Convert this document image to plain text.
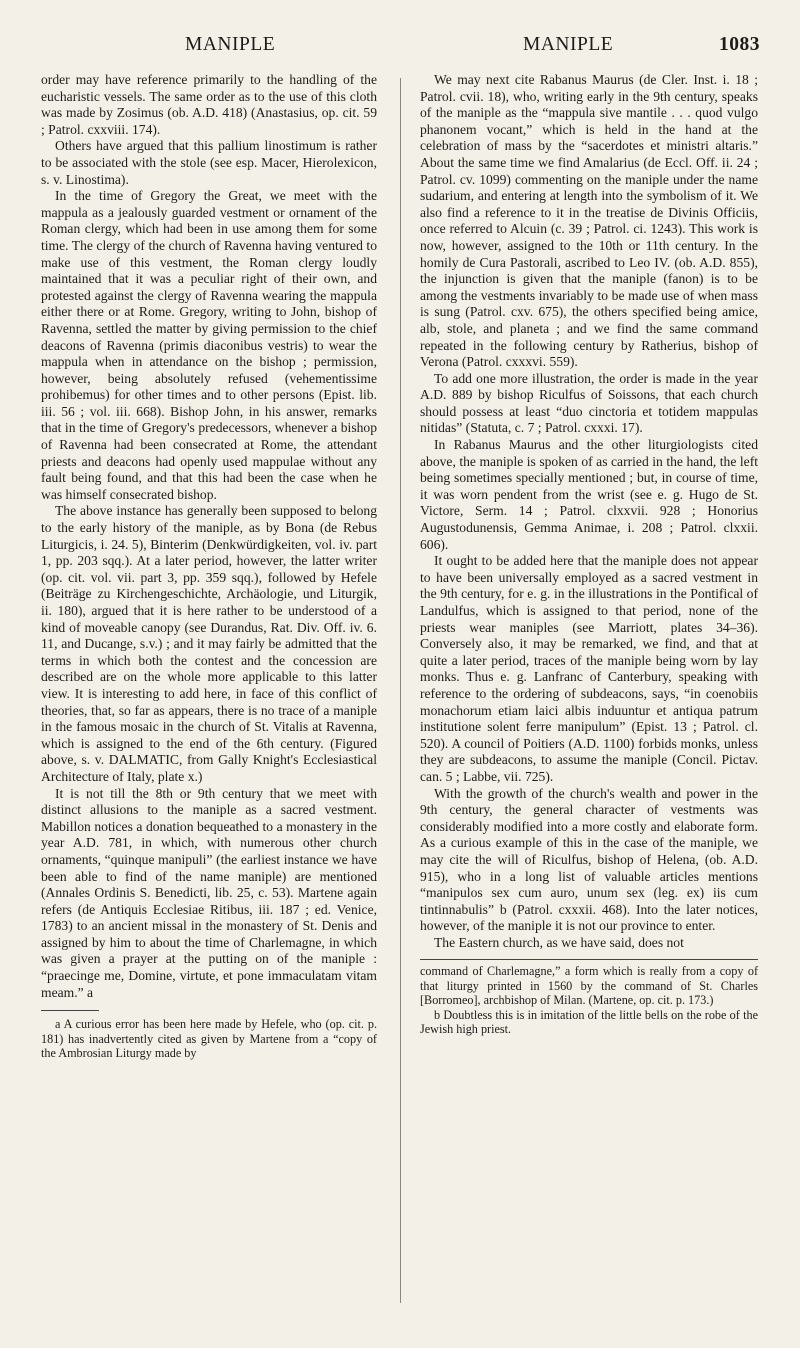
MANIPLE	MANIPLE	1083

order may have reference primarily to the handling of the eucharistic vessels. The same order as to the use of this cloth was made by Zosimus (ob. A.D. 418) (Anastasius, op. cit. 59 ; Patrol. cxxviii. 174).

Others have argued that this pallium linostimum is rather to be associated with the stole (see esp. Macer, Hierolexicon, s. v. Linostima).

In the time of Gregory the Great, we meet with the mappula as a jealously guarded vestment or ornament of the Roman clergy, which had been in use among them for some time. The clergy of the church of Ravenna having ventured to make use of this vestment, the Roman clergy loudly maintained that it was a peculiar right of their own, and protested against the clergy of Ravenna wearing the mappula either there or at Rome. Gregory, writing to John, bishop of Ravenna, settled the matter by giving permission to the chief deacons of Ravenna (primis diaconibus vestris) to wear the mappula when in attendance on the bishop ; permission, however, being absolutely refused (vehementissime prohibemus) for other times and to other persons (Epist. lib. iii. 56 ; vol. iii. 668). Bishop John, in his answer, remarks that in the time of Gregory's predecessors, whenever a bishop of Ravenna had been consecrated at Rome, the attendant priests and deacons had openly used mappulae without any fault being found, and that this had been the case when he was himself consecrated bishop.

The above instance has generally been supposed to belong to the early history of the maniple, as by Bona (de Rebus Liturgicis, i. 24. 5), Binterim (Denkwürdigkeiten, vol. iv. part 1, pp. 203 sqq.). At a later period, however, the latter writer (op. cit. vol. vii. part 3, pp. 359 sqq.), followed by Hefele (Beiträge zu Kirchengeschichte, Archäologie, und Liturgik, ii. 180), argued that it is here rather to be understood of a kind of moveable canopy (see Durandus, Rat. Div. Off. iv. 6. 11, and Ducange, s.v.) ; and it may fairly be admitted that the terms in which both the contest and the concession are described are on the whole more applicable to this latter view. It is interesting to add here, in face of this conflict of theories, that, so far as appears, there is no trace of a maniple in the famous mosaic in the church of St. Vitalis at Ravenna, which is assigned to the end of the 6th century. (Figured above, s. v. DALMATIC, from Gally Knight's Ecclesiastical Architecture of Italy, plate x.)

It is not till the 8th or 9th century that we meet with distinct allusions to the maniple as a sacred vestment. Mabillon notices a donation bequeathed to a monastery in the year A.D. 781, in which, with numerous other church ornaments, “quinque manipuli” (the earliest instance we have been able to find of the name maniple) are mentioned (Annales Ordinis S. Benedicti, lib. 25, c. 53). Martene again refers (de Antiquis Ecclesiae Ritibus, iii. 187 ; ed. Venice, 1783) to an ancient missal in the monastery of St. Denis and assigned by him to about the time of Charlemagne, in which was given a prayer at the putting on of the maniple : “praecinge me, Domine, virtute, et pone immaculatam vitam meam.” a

a A curious error has been here made by Hefele, who (op. cit. p. 181) has inadvertently cited as given by Martene from a “copy of the Ambrosian Liturgy made by

We may next cite Rabanus Maurus (de Cler. Inst. i. 18 ; Patrol. cvii. 18), who, writing early in the 9th century, speaks of the maniple as the “mappula sive mantile . . . quod vulgo phanonem vocant,” which is held in the hand at the celebration of mass by the “sacerdotes et ministri altaris.” About the same time we find Amalarius (de Eccl. Off. ii. 24 ; Patrol. cv. 1099) commenting on the maniple under the name sudarium, and entering at length into the symbolism of it. We also find a reference to it in the treatise de Divinis Officiis, once referred to Alcuin (c. 39 ; Patrol. ci. 1243). This work is now, however, assigned to the 10th or 11th century. In the homily de Cura Pastorali, ascribed to Leo IV. (ob. A.D. 855), the injunction is given that the maniple (fanon) is to be among the vestments invariably to be made use of when mass is sung (Patrol. cxv. 675), the others specified being amice, alb, stole, and planeta ; and we find the same command repeated in the following century by Ratherius, bishop of Verona (Patrol. cxxxvi. 559).

To add one more illustration, the order is made in the year A.D. 889 by bishop Riculfus of Soissons, that each church should possess at least “duo cinctoria et totidem mappulas nitidas” (Statuta, c. 7 ; Patrol. cxxxi. 17).

In Rabanus Maurus and the other liturgiologists cited above, the maniple is spoken of as carried in the hand, the left being sometimes specially mentioned ; but, in course of time, it was worn pendent from the wrist (see e. g. Hugo de St. Victore, Serm. 14 ; Patrol. clxxvii. 928 ; Honorius Augustodunensis, Gemma Animae, i. 208 ; Patrol. clxxii. 606).

It ought to be added here that the maniple does not appear to have been universally employed as a sacred vestment in the 9th century, for e. g. in the illustrations in the Pontifical of Landulfus, which is assigned to that period, none of the priests wear maniples (see Marriott, plates 34–36). Conversely also, it may be remarked, we find, and that at quite a later period, traces of the maniple being worn by lay monks. Thus e. g. Lanfranc of Canterbury, speaking with reference to the ordering of subdeacons, says, “in coenobiis monachorum etiam laici albis induuntur et antiqua patrum institutione solent ferre manipulum” (Epist. 13 ; Patrol. cl. 520). A council of Poitiers (A.D. 1100) forbids monks, unless they are subdeacons, to assume the maniple (Concil. Pictav. can. 5 ; Labbe, vii. 725).

With the growth of the church's wealth and power in the 9th century, the general character of vestments was considerably modified into a more costly and elaborate form. As a curious example of this in the case of the maniple, we may cite the will of Riculfus, bishop of Helena, (ob. A.D. 915), who in a long list of valuable articles mentions “manipulos sex cum auro, unum sex (leg. ex) iis cum tintinnabulis” b (Patrol. cxxxii. 468). Into the later notices, however, of the maniple it is not our province to enter.

The Eastern church, as we have said, does not

command of Charlemagne,” a form which is really from a copy of that liturgy printed in 1560 by the command of St. Charles [Borromeo], archbishop of Milan. (Martene, op. cit. p. 173.)

b Doubtless this is in imitation of the little bells on the robe of the Jewish high priest.
